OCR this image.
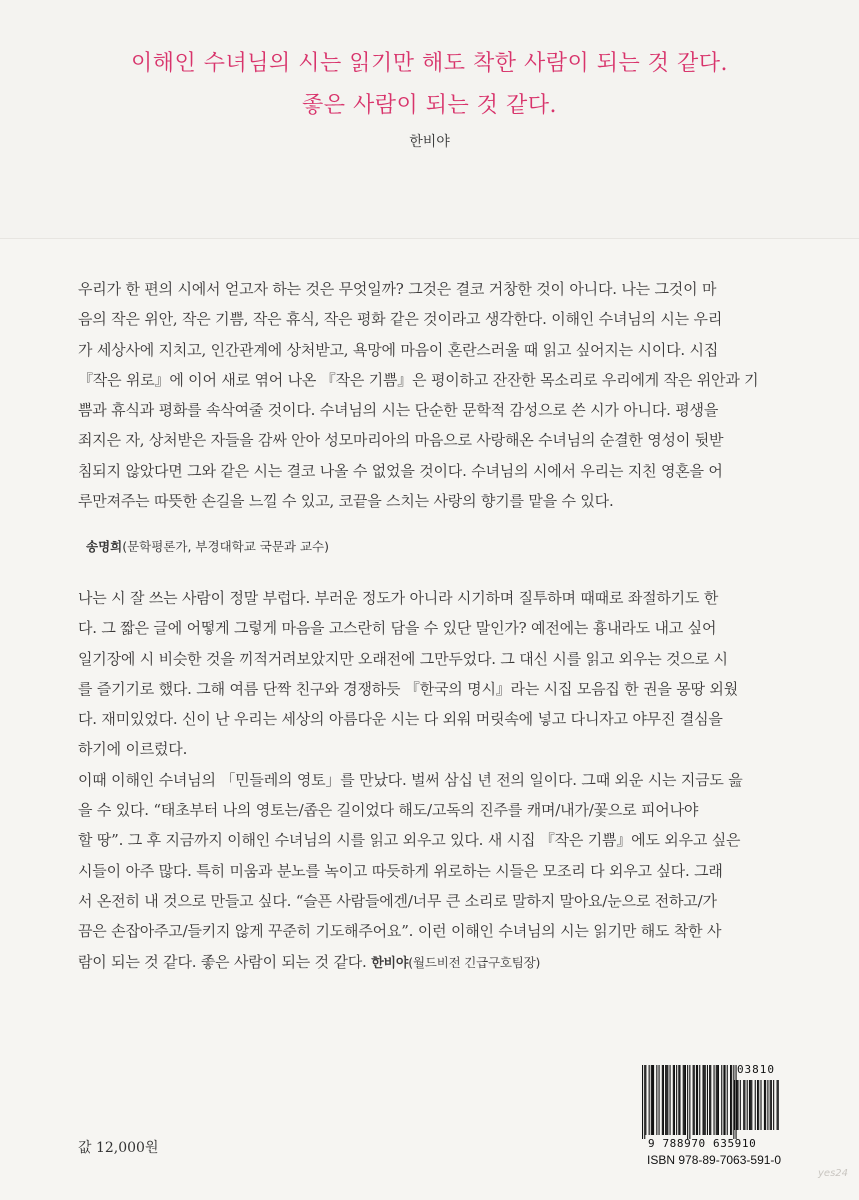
이해인 수녀님의 시는 읽기만 해도 착한 사람이 되는 것 같다.
좋은 사람이 되는 것 같다.
한비야
우리가 한 편의 시에서 얻고자 하는 것은 무엇일까? 그것은 결코 거창한 것이 아니다. 나는 그것이 마
음의 작은 위안, 작은 기쁨, 작은 휴식, 작은 평화 같은 것이라고 생각한다. 이해인 수녀님의 시는 우리
가 세상사에 지치고, 인간관계에 상처받고, 욕망에 마음이 혼란스러울 때 읽고 싶어지는 시이다. 시집
『작은 위로』에 이어 새로 엮어 나온 『작은 기쁨』은 평이하고 잔잔한 목소리로 우리에게 작은 위안과 기
쁨과 휴식과 평화를 속삭여줄 것이다. 수녀님의 시는 단순한 문학적 감성으로 쓴 시가 아니다. 평생을
죄지은 자, 상처받은 자들을 감싸 안아 성모마리아의 마음으로 사랑해온 수녀님의 순결한 영성이 뒷받
침되지 않았다면 그와 같은 시는 결코 나올 수 없었을 것이다. 수녀님의 시에서 우리는 지친 영혼을 어
루만져주는 따뜻한 손길을 느낄 수 있고, 코끝을 스치는 사랑의 향기를 맡을 수 있다.
송명희(문학평론가, 부경대학교 국문과 교수)
나는 시 잘 쓰는 사람이 정말 부럽다. 부러운 정도가 아니라 시기하며 질투하며 때때로 좌절하기도 한
다. 그 짧은 글에 어떻게 그렇게 마음을 고스란히 담을 수 있단 말인가? 예전에는 흉내라도 내고 싶어
일기장에 시 비슷한 것을 끼적거려보았지만 오래전에 그만두었다. 그 대신 시를 읽고 외우는 것으로 시
를 즐기기로 했다. 그해 여름 단짝 친구와 경쟁하듯 『한국의 명시』라는 시집 모음집 한 권을 몽땅 외웠
다. 재미있었다. 신이 난 우리는 세상의 아름다운 시는 다 외워 머릿속에 넣고 다니자고 야무진 결심을
하기에 이르렀다.
이때 이해인 수녀님의 「민들레의 영토」를 만났다. 벌써 삼십 년 전의 일이다. 그때 외운 시는 지금도 읊
을 수 있다. “태초부터 나의 영토는/좁은 길이었다 해도/고독의 진주를 캐며/내가/꽃으로 피어나야
할 땅”. 그 후 지금까지 이해인 수녀님의 시를 읽고 외우고 있다. 새 시집 『작은 기쁨』에도 외우고 싶은
시들이 아주 많다. 특히 미움과 분노를 녹이고 따듯하게 위로하는 시들은 모조리 다 외우고 싶다. 그래
서 온전히 내 것으로 만들고 싶다. “슬픈 사람들에겐/너무 큰 소리로 말하지 말아요/눈으로 전하고/가
끔은 손잡아주고/들키지 않게 꾸준히 기도해주어요”. 이런 이해인 수녀님의 시는 읽기만 해도 착한 사
람이 되는 것 같다. 좋은 사람이 되는 것 같다. 한비야(월드비전 긴급구호팀장)
값 12,000원
03810
9 788970 635910
ISBN 978-89-7063-591-0
yes24
